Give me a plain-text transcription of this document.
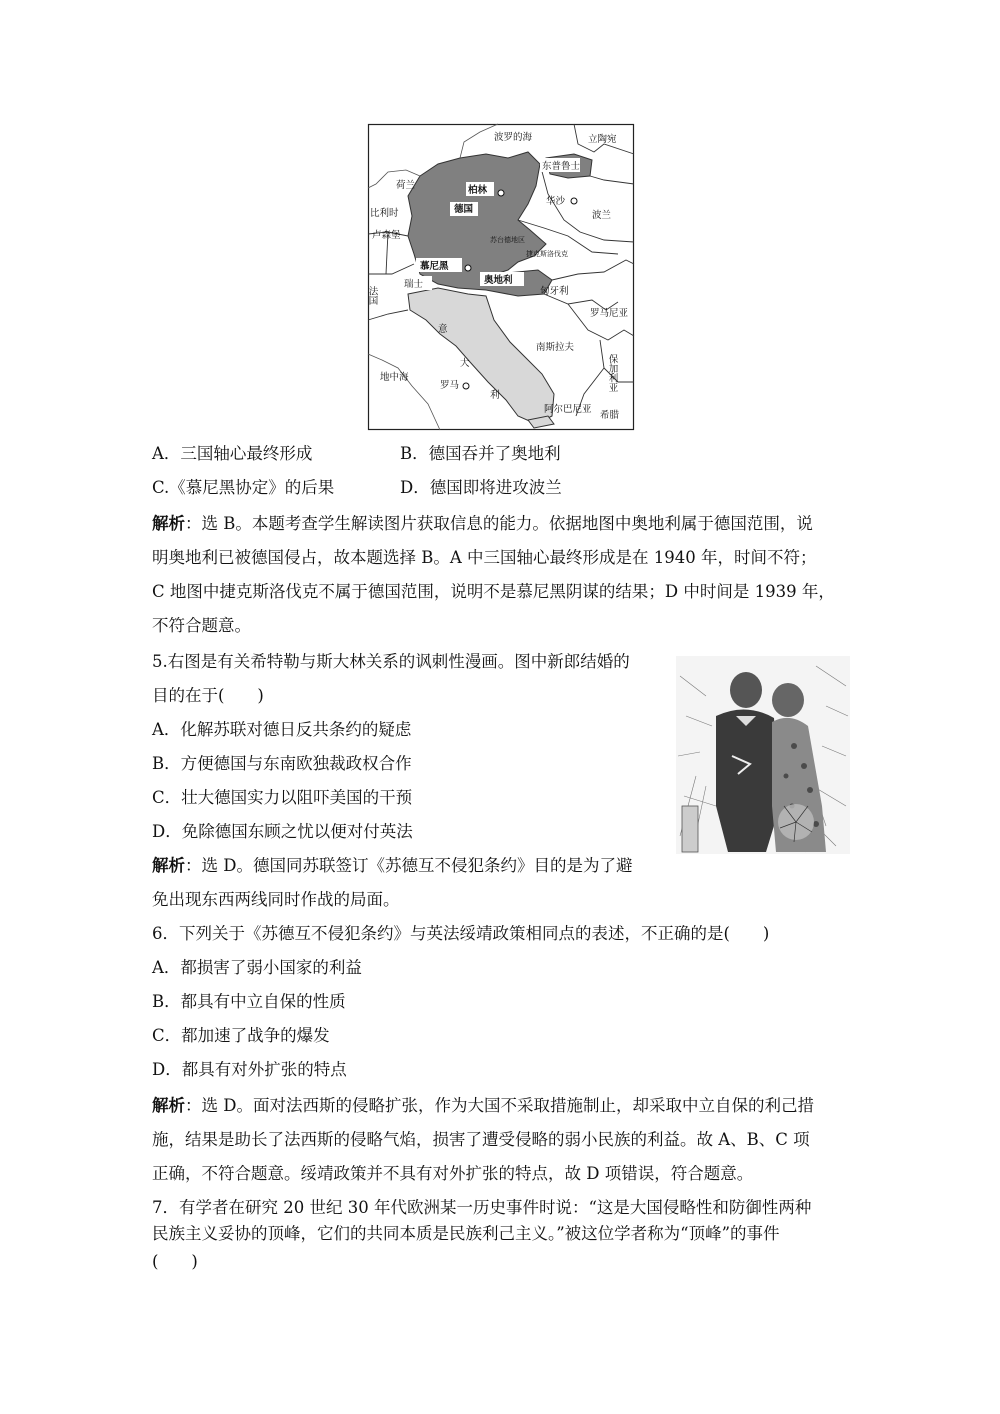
波罗的海	立陶宛
东普鲁士
荷兰	柏林
华沙
比利时	德国
波兰
卢森堡	苏台德地区
捷克斯洛伐克
慕尼黑
奥地利
法国
瑞士
匈牙利
罗马尼亚
意
大
利
南斯拉夫
保加利亚
地中海
罗马
阿尔巴尼亚
希腊
A．三国轴心最终形成	B．德国吞并了奥地利
C.《慕尼黑协定》的后果	D．德国即将进攻波兰
解析：选 B。本题考查学生解读图片获取信息的能力。依据地图中奥地利属于德国范围，说
明奥地利已被德国侵占，故本题选择 B。A 中三国轴心最终形成是在 1940 年，时间不符；
C 地图中捷克斯洛伐克不属于德国范围，说明不是慕尼黑阴谋的结果；D 中时间是 1939 年，
不符合题意。
5.右图是有关希特勒与斯大林关系的讽刺性漫画。图中新郎结婚的
目的在于(　　)
A．化解苏联对德日反共条约的疑虑
B．方便德国与东南欧独裁政权合作
C．壮大德国实力以阻吓美国的干预
D．免除德国东顾之忧以便对付英法
解析：选 D。德国同苏联签订《苏德互不侵犯条约》目的是为了避
免出现东西两线同时作战的局面。
6．下列关于《苏德互不侵犯条约》与英法绥靖政策相同点的表述，不正确的是(　　)
A．都损害了弱小国家的利益
B．都具有中立自保的性质
C．都加速了战争的爆发
D．都具有对外扩张的特点
解析：选 D。面对法西斯的侵略扩张，作为大国不采取措施制止，却采取中立自保的利己措
施，结果是助长了法西斯的侵略气焰，损害了遭受侵略的弱小民族的利益。故 A、B、C 项
正确，不符合题意。绥靖政策并不具有对外扩张的特点，故 D 项错误，符合题意。
7．有学者在研究 20 世纪 30 年代欧洲某一历史事件时说：“这是大国侵略性和防御性两种
民族主义妥协的顶峰，它们的共同本质是民族利己主义。”被这位学者称为“顶峰”的事件
(　　)
